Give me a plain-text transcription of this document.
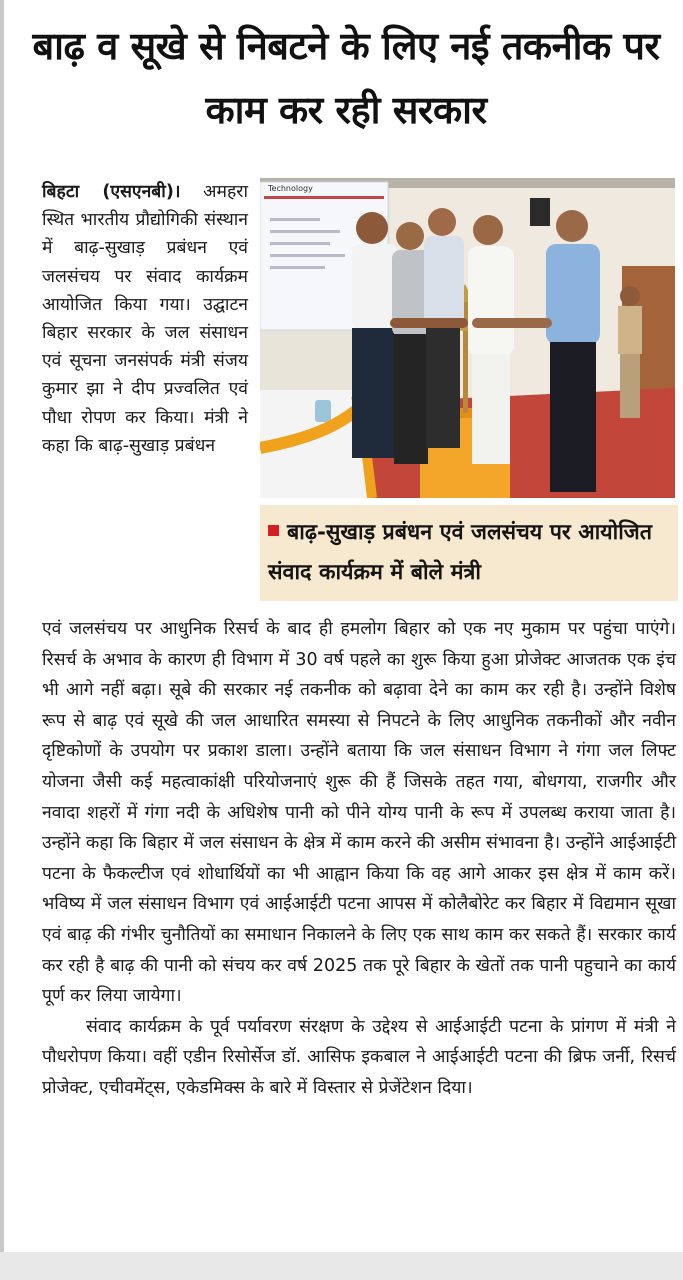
बाढ़ व सूखे से निबटने के लिए नई तकनीक पर काम कर रही सरकार

बिहटा (एसएनबी)। अमहरा स्थित भारतीय प्रौद्योगिकी संस्थान में बाढ़-सुखाड़ प्रबंधन एवं जलसंचय पर संवाद कार्यक्रम आयोजित किया गया। उद्घाटन बिहार सरकार के जल संसाधन एवं सूचना जनसंपर्क मंत्री संजय कुमार झा ने दीप प्रज्वलित एवं पौधा रोपण कर किया। मंत्री ने कहा कि बाढ़-सुखाड़ प्रबंधन

Technology

बाढ़-सुखाड़ प्रबंधन एवं जलसंचय पर आयोजित संवाद कार्यक्रम में बोले मंत्री

एवं जलसंचय पर आधुनिक रिसर्च के बाद ही हमलोग बिहार को एक नए मुकाम पर पहुंचा पाएंगे। रिसर्च के अभाव के कारण ही विभाग में 30 वर्ष पहले का शुरू किया हुआ प्रोजेक्ट आजतक एक इंच भी आगे नहीं बढ़ा। सूबे की सरकार नई तकनीक को बढ़ावा देने का काम कर रही है। उन्होंने विशेष रूप से बाढ़ एवं सूखे की जल आधारित समस्या से निपटने के लिए आधुनिक तकनीकों और नवीन दृष्टिकोणों के उपयोग पर प्रकाश डाला। उन्होंने बताया कि जल संसाधन विभाग ने गंगा जल लिफ्ट योजना जैसी कई महत्वाकांक्षी परियोजनाएं शुरू की हैं जिसके तहत गया, बोधगया, राजगीर और नवादा शहरों में गंगा नदी के अधिशेष पानी को पीने योग्य पानी के रूप में उपलब्ध कराया जाता है। उन्होंने कहा कि बिहार में जल संसाधन के क्षेत्र में काम करने की असीम संभावना है। उन्होंने आईआईटी पटना के फैकल्टीज एवं शोधार्थियों का भी आह्वान किया कि वह आगे आकर इस क्षेत्र में काम करें। भविष्य में जल संसाधन विभाग एवं आईआईटी पटना आपस में कोलैबोरेट कर बिहार में विद्यमान सूखा एवं बाढ़ की गंभीर चुनौतियों का समाधान निकालने के लिए एक साथ काम कर सकते हैं। सरकार कार्य कर रही है बाढ़ की पानी को संचय कर वर्ष 2025 तक पूरे बिहार के खेतों तक पानी पहुचाने का कार्य पूर्ण कर लिया जायेगा।

संवाद कार्यक्रम के पूर्व पर्यावरण संरक्षण के उद्देश्य से आईआईटी पटना के प्रांगण में मंत्री ने पौधरोपण किया। वहीं एडीन रिसोर्सेज डॉ. आसिफ इकबाल ने आईआईटी पटना की ब्रिफ जर्नी, रिसर्च प्रोजेक्ट, एचीवमेंट्स, एकेडमिक्स के बारे में विस्तार से प्रेजेंटेशन दिया।
